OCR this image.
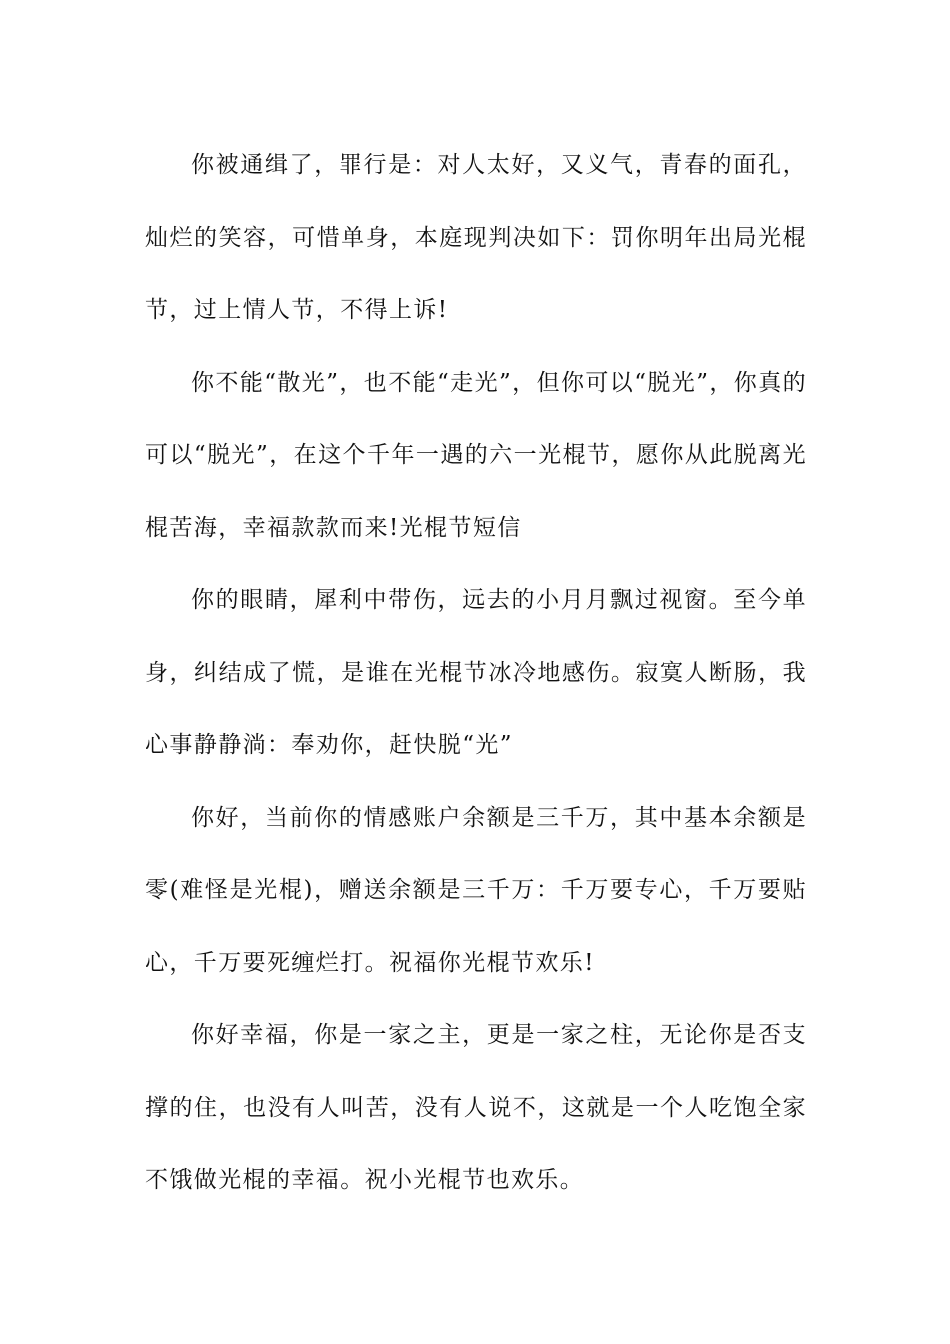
你被通缉了，罪行是：对人太好，又义气，青春的面孔，灿烂的笑容，可惜单身，本庭现判决如下：罚你明年出局光棍节，过上情人节，不得上诉!

你不能“散光”，也不能“走光”，但你可以“脱光”，你真的可以“脱光”，在这个千年一遇的六一光棍节，愿你从此脱离光棍苦海，幸福款款而来!光棍节短信

你的眼睛，犀利中带伤，远去的小月月飘过视窗。至今单身，纠结成了慌，是谁在光棍节冰冷地感伤。寂寞人断肠，我心事静静淌：奉劝你，赶快脱“光”

你好，当前你的情感账户余额是三千万，其中基本余额是零(难怪是光棍)，赠送余额是三千万：千万要专心，千万要贴心，千万要死缠烂打。祝福你光棍节欢乐!

你好幸福，你是一家之主，更是一家之柱，无论你是否支撑的住，也没有人叫苦，没有人说不，这就是一个人吃饱全家不饿做光棍的幸福。祝小光棍节也欢乐。
